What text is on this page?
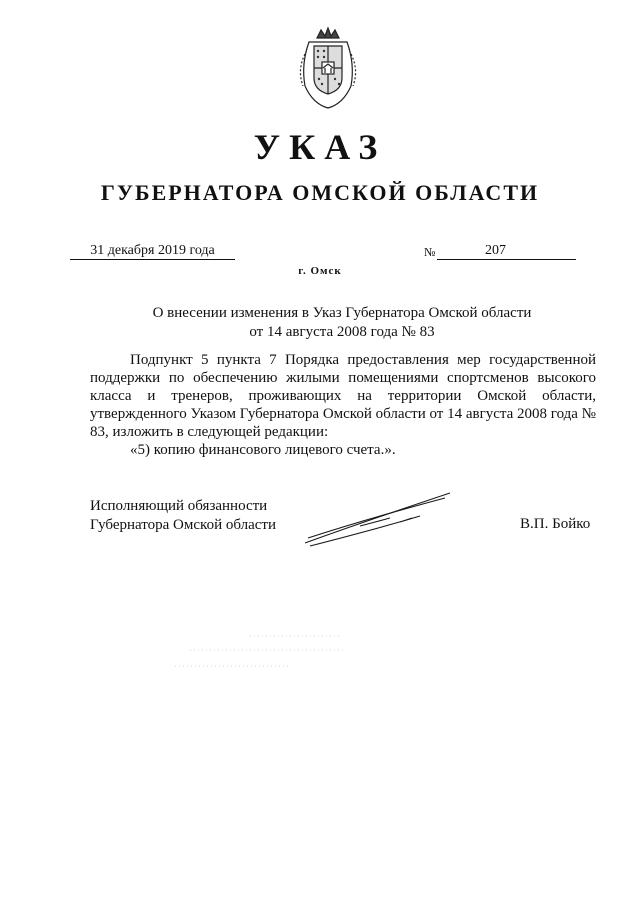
УКАЗ
ГУБЕРНАТОРА ОМСКОЙ ОБЛАСТИ
31 декабря 2019 года	№	207
г. Омск
О внесении изменения в Указ Губернатора Омской области
от 14 августа 2008 года № 83

Подпункт 5 пункта 7 Порядка предоставления мер государственной поддержки по обеспечению жилыми помещениями спортсменов высокого класса и тренеров, проживающих на территории Омской области, утвержденного Указом Губернатора Омской области от 14 августа 2008 года № 83, изложить в следующей редакции:

«5) копию финансового лицевого счета.».

Исполняющий обязанности
Губернатора Омской области	В.П. Бойко
